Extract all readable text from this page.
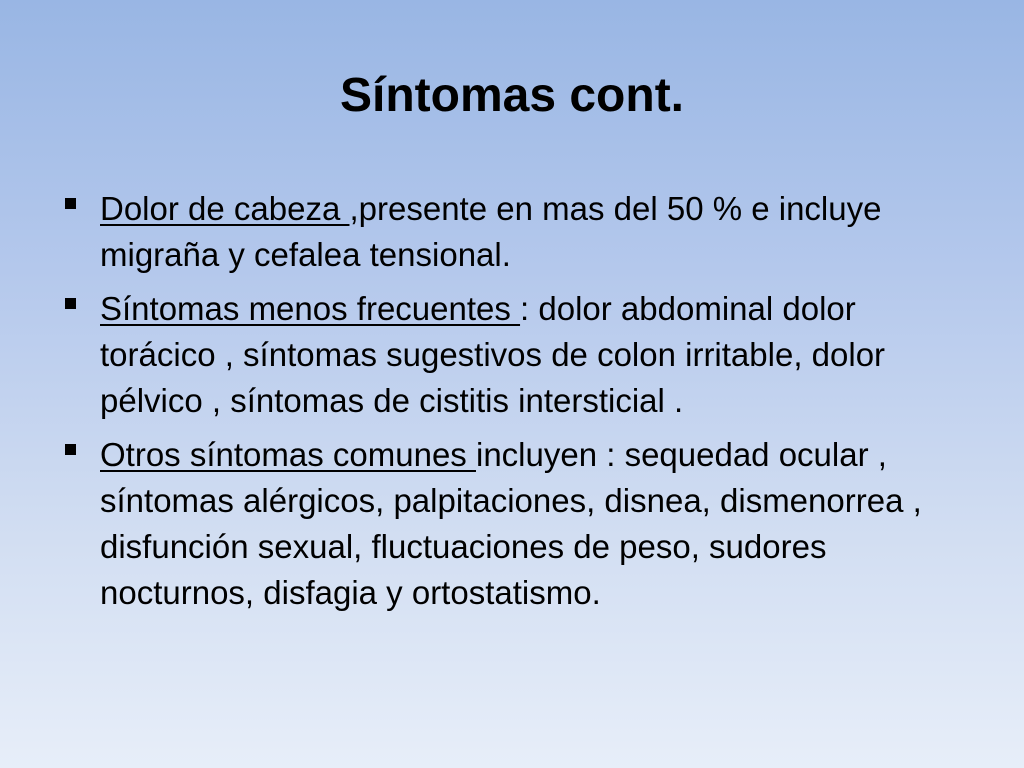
Síntomas cont.
Dolor de cabeza ,presente en mas del 50 % e incluye migraña y cefalea tensional.
Síntomas menos frecuentes : dolor abdominal dolor torácico , síntomas sugestivos de colon irritable, dolor pélvico , síntomas de cistitis intersticial .
Otros síntomas comunes incluyen : sequedad ocular , síntomas alérgicos, palpitaciones, disnea, dismenorrea , disfunción sexual, fluctuaciones de peso, sudores nocturnos, disfagia y ortostatismo.
